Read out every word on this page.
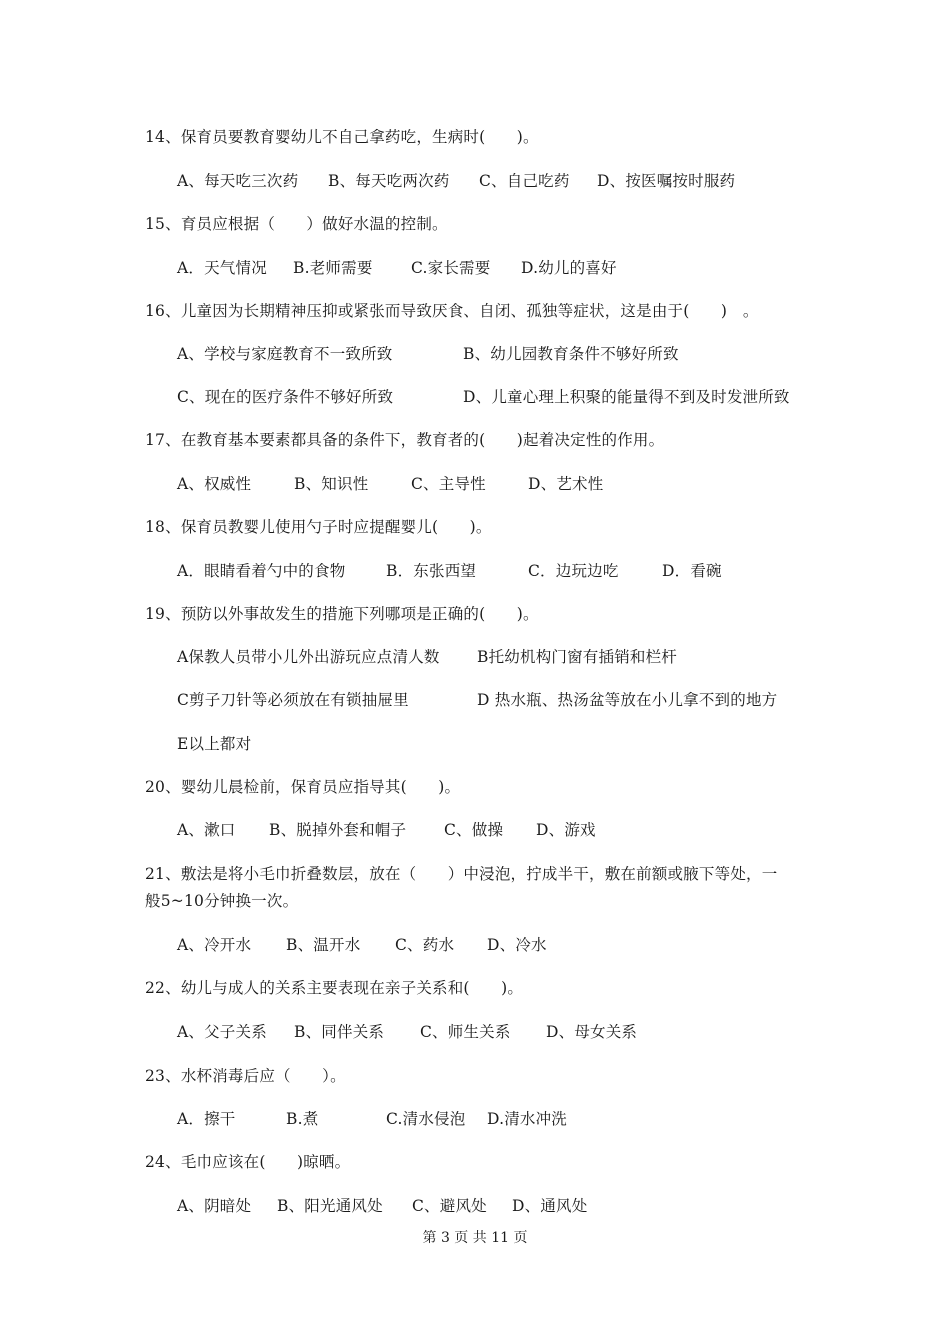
14、保育员要教育婴幼儿不自己拿药吃，生病时(　　)。
A、每天吃三次药 B、每天吃两次药 C、自己吃药 D、按医嘱按时服药
15、育员应根据（　　）做好水温的控制。
A．天气情况 B.老师需要 C.家长需要 D.幼儿的喜好
16、儿童因为长期精神压抑或紧张而导致厌食、自闭、孤独等症状，这是由于(　　)　。
A、学校与家庭教育不一致所致	B、幼儿园教育条件不够好所致
C、现在的医疗条件不够好所致	D、儿童心理上积聚的能量得不到及时发泄所致
17、在教育基本要素都具备的条件下，教育者的(　　)起着决定性的作用。
A、权威性	B、知识性	C、主导性	D、艺术性
18、保育员教婴儿使用勺子时应提醒婴儿(　　)。
A．眼睛看着勺中的食物	B．东张西望	C．边玩边吃	D．看碗
19、预防以外事故发生的措施下列哪项是正确的(　　)。
A保教人员带小儿外出游玩应点清人数 B托幼机构门窗有插销和栏杆
C剪子刀针等必须放在有锁抽屉里	D 热水瓶、热汤盆等放在小儿拿不到的地方
E以上都对
20、婴幼儿晨检前，保育员应指导其(　　)。
A、漱口 B、脱掉外套和帽子 C、做操 D、游戏
21、敷法是将小毛巾折叠数层，放在（　　）中浸泡，拧成半干，敷在前额或腋下等处，一
般5~10分钟换一次。
A、冷开水 B、温开水 C、药水 D、冷水
22、幼儿与成人的关系主要表现在亲子关系和(　　)。
A、父子关系 B、同伴关系 C、师生关系 D、母女关系
23、水杯消毒后应（　　）。
A．擦干	B.煮	C.清水侵泡 D.清水冲洗
24、毛巾应该在(　　)晾晒。
A、阴暗处 B、阳光通风处 C、避风处 D、通风处
第 3 页 共 11 页
